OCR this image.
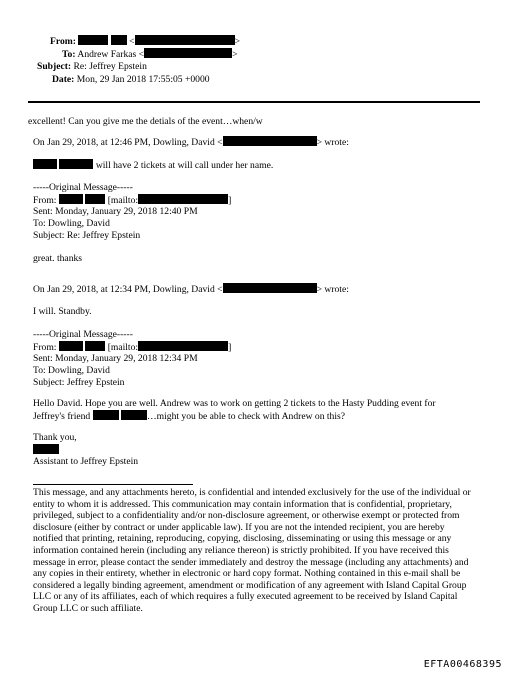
From:	<	>
To: Andrew Farkas <	>
Subject: Re: Jeffrey Epstein
Date: Mon, 29 Jan 2018 17:55:05 +0000
excellent! Can you give me the detials of the event…when/w
On Jan 29, 2018, at 12:46 PM, Dowling, David <	> wrote:
will have 2 tickets at will call under her name.
-----Original Message-----
From:	[mailto:	]
Sent: Monday, January 29, 2018 12:40 PM
To: Dowling, David
Subject: Re: Jeffrey Epstein
great. thanks
On Jan 29, 2018, at 12:34 PM, Dowling, David <	> wrote:
I will. Standby.
-----Original Message-----
From:	[mailto:	]
Sent: Monday, January 29, 2018 12:34 PM
To: Dowling, David
Subject: Jeffrey Epstein
Hello David. Hope you are well. Andrew was to work on getting 2 tickets to the Hasty Pudding event for
Jeffrey's friend	…might you be able to check with Andrew on this?
Thank you,
Assistant to Jeffrey Epstein
This message, and any attachments hereto, is confidential and intended exclusively for the use of the individual or entity to whom it is addressed. This communication may contain information that is confidential, proprietary, privileged, subject to a confidentiality and/or non-disclosure agreement, or otherwise exempt or protected from disclosure (either by contract or under applicable law). If you are not the intended recipient, you are hereby notified that printing, retaining, reproducing, copying, disclosing, disseminating or using this message or any information contained herein (including any reliance thereon) is strictly prohibited. If you have received this message in error, please contact the sender immediately and destroy the message (including any attachments) and any copies in their entirety, whether in electronic or hard copy format. Nothing contained in this e-mail shall be considered a legally binding agreement, amendment or modification of any agreement with Island Capital Group LLC or any of its affiliates, each of which requires a fully executed agreement to be received by Island Capital Group LLC or such affiliate.
EFTA00468395
